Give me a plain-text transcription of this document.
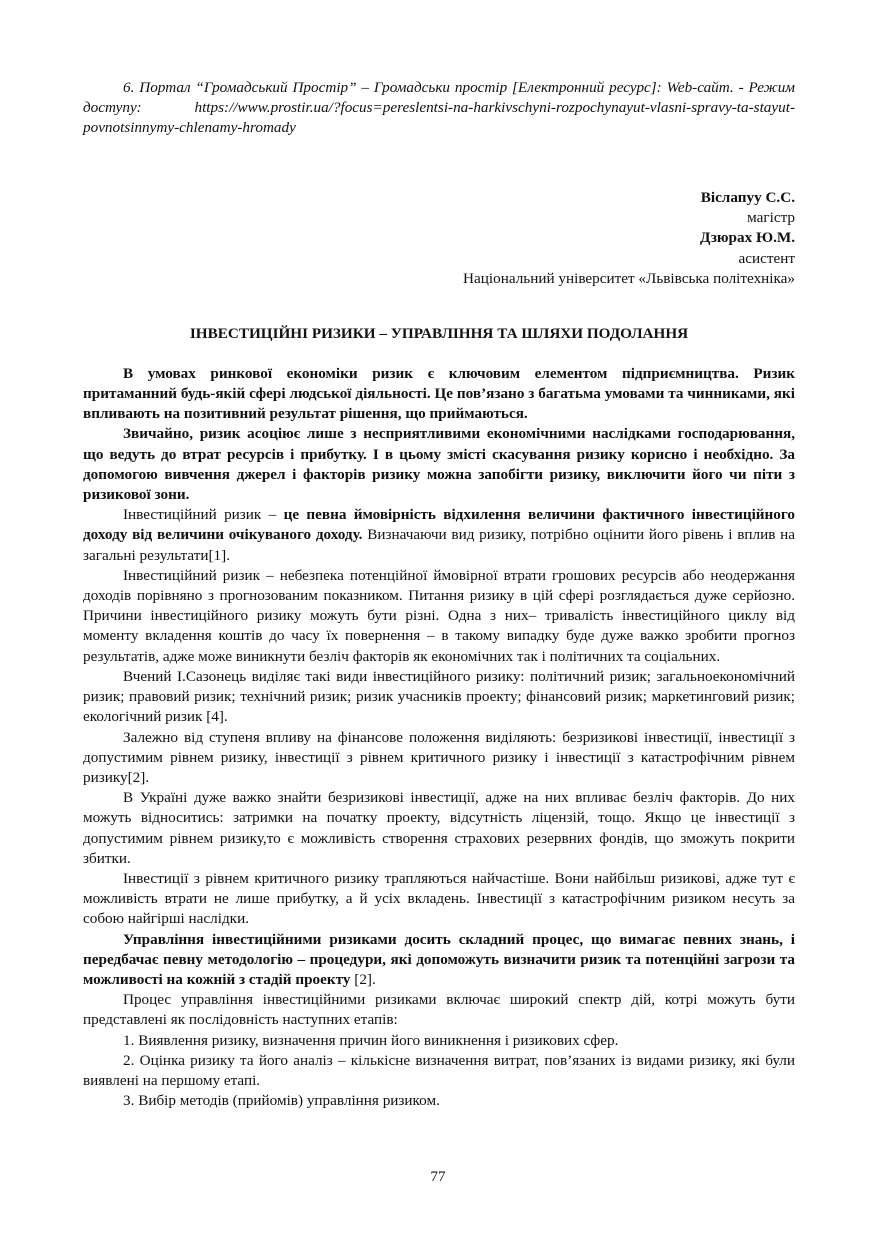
6. Портал “Громадський Простір” – Громадськи простір [Електронний ресурс]: Web-сайт. - Режим доступу: https://www.prostir.ua/?focus=pereslentsi-na-harkivschyni-rozpochynayut-vlasni-spravy-ta-stayut-povnotsinnymy-chlenamy-hromady

Віслапуу С.С.
магістр
Дзюрах Ю.М.
асистент
Національний університет «Львівська політехніка»
ІНВЕСТИЦІЙНІ РИЗИКИ – УПРАВЛІННЯ ТА ШЛЯХИ ПОДОЛАННЯ

В умовах ринкової економіки ризик є ключовим елементом підприємництва. Ризик притаманний будь-якій сфері людської діяльності. Це пов’язано з багатьма умовами та чинниками, які впливають на позитивний результат рішення, що приймаються.

Звичайно, ризик асоціює лише з несприятливими економічними наслідками господарювання, що ведуть до втрат ресурсів і прибутку. І в цьому змісті скасування ризику корисно і необхідно. За допомогою вивчення джерел і факторів ризику можна запобігти ризику, виключити його чи піти з ризикової зони.

Інвестиційний ризик – це певна ймовірність відхилення величини фактичного інвестиційного доходу від величини очікуваного доходу. Визначаючи вид ризику, потрібно оцінити його рівень і вплив на загальні результати[1].

Інвестиційний ризик – небезпека потенційної ймовірної втрати грошових ресурсів або неодержання доходів порівняно з прогнозованим показником. Питання ризику в цій сфері розглядається дуже серйозно. Причини інвестиційного ризику можуть бути різні. Одна з них– тривалість інвестиційного циклу від моменту вкладення коштів до часу їх повернення – в такому випадку буде дуже важко зробити прогноз результатів, адже може виникнути безліч факторів як економічних так і політичних та соціальних.

Вчений І.Сазонець виділяє такі види інвестиційного ризику: політичний ризик; загальноекономічний ризик; правовий ризик; технічний ризик; ризик учасників проекту; фінансовий ризик; маркетинговий ризик; екологічний ризик [4].

Залежно від ступеня впливу на фінансове положення виділяють: безризикові інвестиції, інвестиції з допустимим рівнем ризику, інвестиції з рівнем критичного ризику і інвестиції з катастрофічним рівнем ризику[2].

В Україні дуже важко знайти безризикові інвестиції, адже на них впливає безліч факторів. До них можуть відноситись: затримки на початку проекту, відсутність ліцензій, тощо. Якщо це інвестиції з допустимим рівнем ризику,то є можливість створення страхових резервних фондів, що зможуть покрити збитки.

Інвестиції з рівнем критичного ризику трапляються найчастіше. Вони найбільш ризикові, адже тут є можливість втрати не лише прибутку, а й усіх вкладень. Інвестиції з катастрофічним ризиком несуть за собою найгірші наслідки.

Управління інвестиційними ризиками досить складний процес, що вимагає певних знань, і передбачає певну методологію – процедури, які допоможуть визначити ризик та потенційні загрози та можливості на кожній з стадій проекту [2].

Процес управління інвестиційними ризиками включає широкий спектр дій, котрі можуть бути представлені як послідовність наступних етапів:

1. Виявлення ризику, визначення причин його виникнення і ризикових сфер.

2. Оцінка ризику та його аналіз – кількісне визначення витрат, пов’язаних із видами ризику, які були виявлені на першому етапі.

3. Вибір методів (прийомів) управління ризиком.

77
